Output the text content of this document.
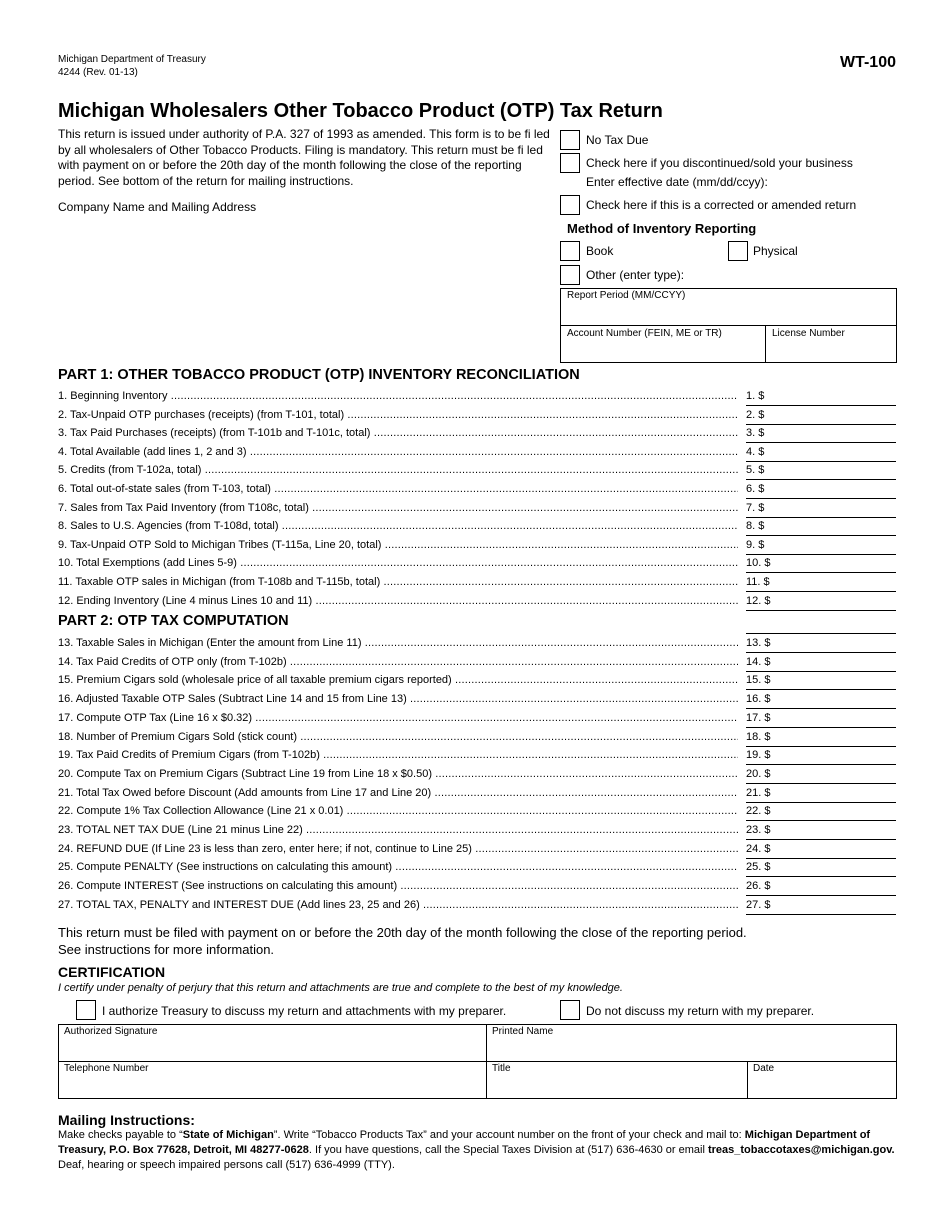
Michigan Department of Treasury
4244 (Rev. 01-13)
WT-100
Michigan Wholesalers Other Tobacco Product (OTP) Tax Return
This return is issued under authority of P.A. 327 of 1993 as amended. This form is to be fi led by all wholesalers of Other Tobacco Products. Filing is mandatory. This return must be fi led with payment on or before the 20th day of the month following the close of the reporting period. See bottom of the return for mailing instructions.
Company Name and Mailing Address
No Tax Due
Check here if you discontinued/sold your business
Enter effective date (mm/dd/ccyy):
Check here if this is a corrected or amended return
Method of Inventory Reporting
Book	Physical
Other (enter type):
Report Period (MM/CCYY)
Account Number (FEIN, ME or TR)	License Number
PART 1: OTHER TOBACCO PRODUCT (OTP) INVENTORY RECONCILIATION
1. Beginning Inventory .....	1. $
2. Tax-Unpaid OTP purchases (receipts) (from T-101, total) .....	2. $
3. Tax Paid Purchases (receipts) (from T-101b and T-101c, total) .....	3. $
4. Total Available (add lines 1, 2 and 3) .....	4. $
5. Credits (from T-102a, total) .....	5. $
6. Total out-of-state sales (from T-103, total) .....	6. $
7. Sales from Tax Paid Inventory (from T108c, total) .....	7. $
8. Sales to U.S. Agencies (from T-108d, total) .....	8. $
9. Tax-Unpaid OTP Sold to Michigan Tribes (T-115a, Line 20, total) .....	9. $
10. Total Exemptions (add Lines 5-9) .....	10. $
11. Taxable OTP sales in Michigan (from T-108b and T-115b, total) .....	11. $
12. Ending Inventory (Line 4 minus Lines 10 and 11) .....	12. $
PART 2: OTP TAX COMPUTATION
13. Taxable Sales in Michigan (Enter the amount from Line 11) .....	13. $
14. Tax Paid Credits of OTP only (from T-102b) .....	14. $
15. Premium Cigars sold (wholesale price of all taxable premium cigars reported) .....	15. $
16. Adjusted Taxable OTP Sales (Subtract Line 14 and 15 from Line 13) .....	16. $
17. Compute OTP Tax (Line 16 x $0.32) .....	17. $
18. Number of Premium Cigars Sold (stick count) .....	18. $
19. Tax Paid Credits of Premium Cigars (from T-102b) .....	19. $
20. Compute Tax on Premium Cigars (Subtract Line 19 from Line 18 x $0.50) .....	20. $
21. Total Tax Owed before Discount (Add amounts from Line 17 and Line 20) .....	21. $
22. Compute 1% Tax Collection Allowance (Line 21 x 0.01) .....	22. $
23. TOTAL NET TAX DUE (Line 21 minus Line 22) .....	23. $
24. REFUND DUE (If Line 23 is less than zero, enter here; if not, continue to Line 25) .....	24. $
25. Compute PENALTY (See instructions on calculating this amount) .....	25. $
26. Compute INTEREST (See instructions on calculating this amount) .....	26. $
27. TOTAL TAX, PENALTY and INTEREST DUE (Add lines 23, 25 and 26) .....	27. $
This return must be filed with payment on or before the 20th day of the month following the close of the reporting period.
See instructions for more information.
CERTIFICATION
I certify under penalty of perjury that this return and attachments are true and complete to the best of my knowledge.
I authorize Treasury to discuss my return and attachments with my preparer.	Do not discuss my return with my preparer.
Authorized Signature	Printed Name
Telephone Number	Title	Date
Mailing Instructions:
Make checks payable to “State of Michigan”. Write “Tobacco Products Tax” and your account number on the front of your check and mail to: Michigan Department of Treasury, P.O. Box 77628, Detroit, MI 48277-0628. If you have questions, call the Special Taxes Division at (517) 636-4630 or email treas_tobaccotaxes@michigan.gov. Deaf, hearing or speech impaired persons call (517) 636-4999 (TTY).
